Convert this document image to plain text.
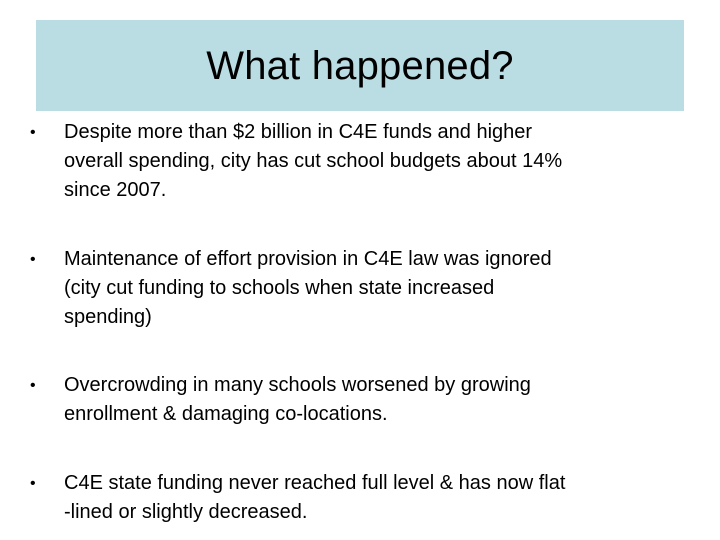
What happened?
•	Despite more than $2 billion in C4E funds and higher
overall spending, city has cut school budgets about 14%
since 2007.
•	Maintenance of effort provision in C4E law was ignored
(city cut funding to schools when state increased
spending)
•	Overcrowding in many schools worsened by growing
enrollment & damaging co-locations.
•	C4E state funding never reached full level & has now flat
-lined or slightly decreased.
